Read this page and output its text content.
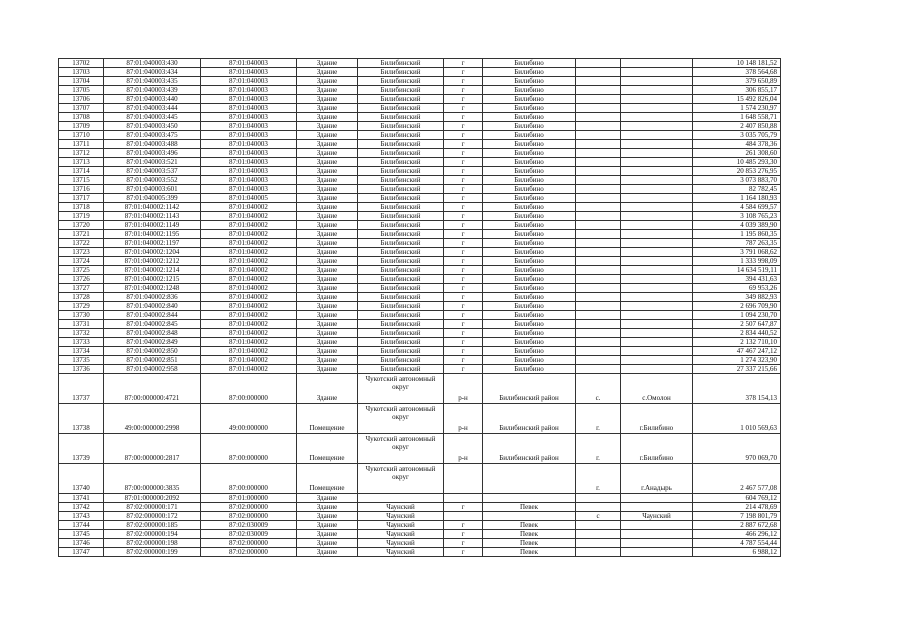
13702	87:01:040003:430	87:01:040003	Здание	Билибинский	г	Билибино			10 148 181,52
13703	87:01:040003:434	87:01:040003	Здание	Билибинский	г	Билибино			378 564,68
13704	87:01:040003:435	87:01:040003	Здание	Билибинский	г	Билибино			379 650,89
13705	87:01:040003:439	87:01:040003	Здание	Билибинский	г	Билибино			306 855,17
13706	87:01:040003:440	87:01:040003	Здание	Билибинский	г	Билибино			15 492 826,04
13707	87:01:040003:444	87:01:040003	Здание	Билибинский	г	Билибино			1 574 230,97
13708	87:01:040003:445	87:01:040003	Здание	Билибинский	г	Билибино			1 648 558,71
13709	87:01:040003:450	87:01:040003	Здание	Билибинский	г	Билибино			2 407 850,88
13710	87:01:040003:475	87:01:040003	Здание	Билибинский	г	Билибино			3 035 705,79
13711	87:01:040003:488	87:01:040003	Здание	Билибинский	г	Билибино			484 378,36
13712	87:01:040003:496	87:01:040003	Здание	Билибинский	г	Билибино			261 308,60
13713	87:01:040003:521	87:01:040003	Здание	Билибинский	г	Билибино			10 485 293,30
13714	87:01:040003:537	87:01:040003	Здание	Билибинский	г	Билибино			20 853 276,95
13715	87:01:040003:552	87:01:040003	Здание	Билибинский	г	Билибино			3 073 883,70
13716	87:01:040003:601	87:01:040003	Здание	Билибинский	г	Билибино			82 782,45
13717	87:01:040005:399	87:01:040005	Здание	Билибинский	г	Билибино			1 164 180,93
13718	87:01:040002:1142	87:01:040002	Здание	Билибинский	г	Билибино			4 584 699,57
13719	87:01:040002:1143	87:01:040002	Здание	Билибинский	г	Билибино			3 108 765,23
13720	87:01:040002:1149	87:01:040002	Здание	Билибинский	г	Билибино			4 039 389,90
13721	87:01:040002:1195	87:01:040002	Здание	Билибинский	г	Билибино			1 195 860,35
13722	87:01:040002:1197	87:01:040002	Здание	Билибинский	г	Билибино			787 263,35
13723	87:01:040002:1204	87:01:040002	Здание	Билибинский	г	Билибино			3 791 068,62
13724	87:01:040002:1212	87:01:040002	Здание	Билибинский	г	Билибино			1 333 998,09
13725	87:01:040002:1214	87:01:040002	Здание	Билибинский	г	Билибино			14 634 519,11
13726	87:01:040002:1215	87:01:040002	Здание	Билибинский	г	Билибино			394 431,63
13727	87:01:040002:1248	87:01:040002	Здание	Билибинский	г	Билибино			69 953,26
13728	87:01:040002:836	87:01:040002	Здание	Билибинский	г	Билибино			349 882,93
13729	87:01:040002:840	87:01:040002	Здание	Билибинский	г	Билибино			2 696 709,90
13730	87:01:040002:844	87:01:040002	Здание	Билибинский	г	Билибино			1 094 230,70
13731	87:01:040002:845	87:01:040002	Здание	Билибинский	г	Билибино			2 507 647,87
13732	87:01:040002:848	87:01:040002	Здание	Билибинский	г	Билибино			2 834 440,52
13733	87:01:040002:849	87:01:040002	Здание	Билибинский	г	Билибино			2 132 710,10
13734	87:01:040002:850	87:01:040002	Здание	Билибинский	г	Билибино			47 467 247,12
13735	87:01:040002:851	87:01:040002	Здание	Билибинский	г	Билибино			1 274 323,90
13736	87:01:040002:958	87:01:040002	Здание	Билибинский	г	Билибино			27 337 215,66
13737	87:00:000000:4721	87:00:000000	Здание	Чукотский автономный округ	р-н	Билибинский район	с.	с.Омолон	378 154,13
13738	49:00:000000:2998	49:00:000000	Помещение	Чукотский автономный округ	р-н	Билибинский район	г.	г.Билибино	1 010 569,63
13739	87:00:000000:2817	87:00:000000	Помещение	Чукотский автономный округ	р-н	Билибинский район	г.	г.Билибино	970 069,70
13740	87:00:000000:3835	87:00:000000	Помещение	Чукотский автономный округ			г.	г.Анадырь	2 467 577,08
13741	87:01:000000:2092	87:01:000000	Здание						604 769,12
13742	87:02:000000:171	87:02:000000	Здание	Чаунский	г	Певек			214 478,69
13743	87:02:000000:172	87:02:000000	Здание	Чаунский			с	Чаунский	7 198 801,79
13744	87:02:000000:185	87:02:030009	Здание	Чаунский	г	Певек			2 887 672,68
13745	87:02:000000:194	87:02:030009	Здание	Чаунский	г	Певек			466 296,12
13746	87:02:000000:198	87:02:000000	Здание	Чаунский	г	Певек			4 787 554,44
13747	87:02:000000:199	87:02:000000	Здание	Чаунский	г	Певек			6 988,12
